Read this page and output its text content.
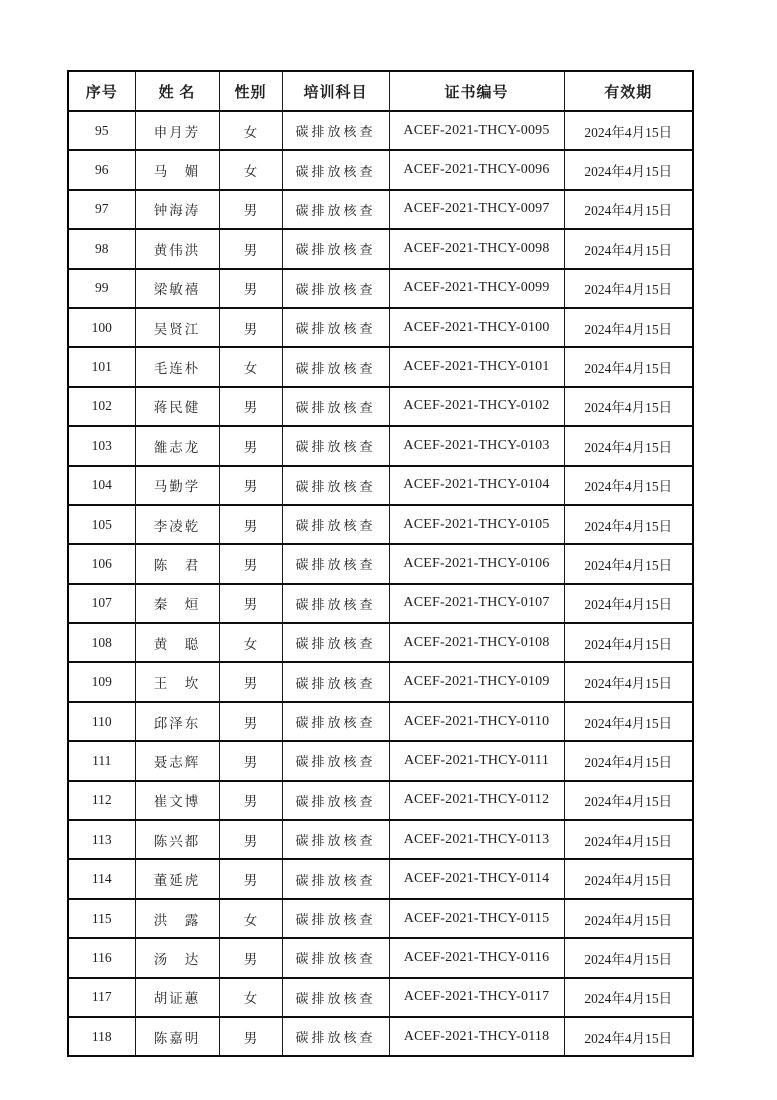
序号	姓 名	性别	培训科目	证书编号	有效期
95	申月芳	女	碳排放核查	ACEF-2021-THCY-0095	2024年4月15日
96	马　媚	女	碳排放核查	ACEF-2021-THCY-0096	2024年4月15日
97	钟海涛	男	碳排放核查	ACEF-2021-THCY-0097	2024年4月15日
98	黄伟洪	男	碳排放核查	ACEF-2021-THCY-0098	2024年4月15日
99	梁敏禧	男	碳排放核查	ACEF-2021-THCY-0099	2024年4月15日
100	吴贤江	男	碳排放核查	ACEF-2021-THCY-0100	2024年4月15日
101	毛连朴	女	碳排放核查	ACEF-2021-THCY-0101	2024年4月15日
102	蒋民健	男	碳排放核查	ACEF-2021-THCY-0102	2024年4月15日
103	雒志龙	男	碳排放核查	ACEF-2021-THCY-0103	2024年4月15日
104	马勤学	男	碳排放核查	ACEF-2021-THCY-0104	2024年4月15日
105	李凌乾	男	碳排放核查	ACEF-2021-THCY-0105	2024年4月15日
106	陈　君	男	碳排放核查	ACEF-2021-THCY-0106	2024年4月15日
107	秦　烜	男	碳排放核查	ACEF-2021-THCY-0107	2024年4月15日
108	黄　聪	女	碳排放核查	ACEF-2021-THCY-0108	2024年4月15日
109	王　坎	男	碳排放核查	ACEF-2021-THCY-0109	2024年4月15日
110	邱泽东	男	碳排放核查	ACEF-2021-THCY-0110	2024年4月15日
111	聂志辉	男	碳排放核查	ACEF-2021-THCY-0111	2024年4月15日
112	崔文博	男	碳排放核查	ACEF-2021-THCY-0112	2024年4月15日
113	陈兴都	男	碳排放核查	ACEF-2021-THCY-0113	2024年4月15日
114	董延虎	男	碳排放核查	ACEF-2021-THCY-0114	2024年4月15日
115	洪　露	女	碳排放核查	ACEF-2021-THCY-0115	2024年4月15日
116	汤　达	男	碳排放核查	ACEF-2021-THCY-0116	2024年4月15日
117	胡证蕙	女	碳排放核查	ACEF-2021-THCY-0117	2024年4月15日
118	陈嘉明	男	碳排放核查	ACEF-2021-THCY-0118	2024年4月15日
